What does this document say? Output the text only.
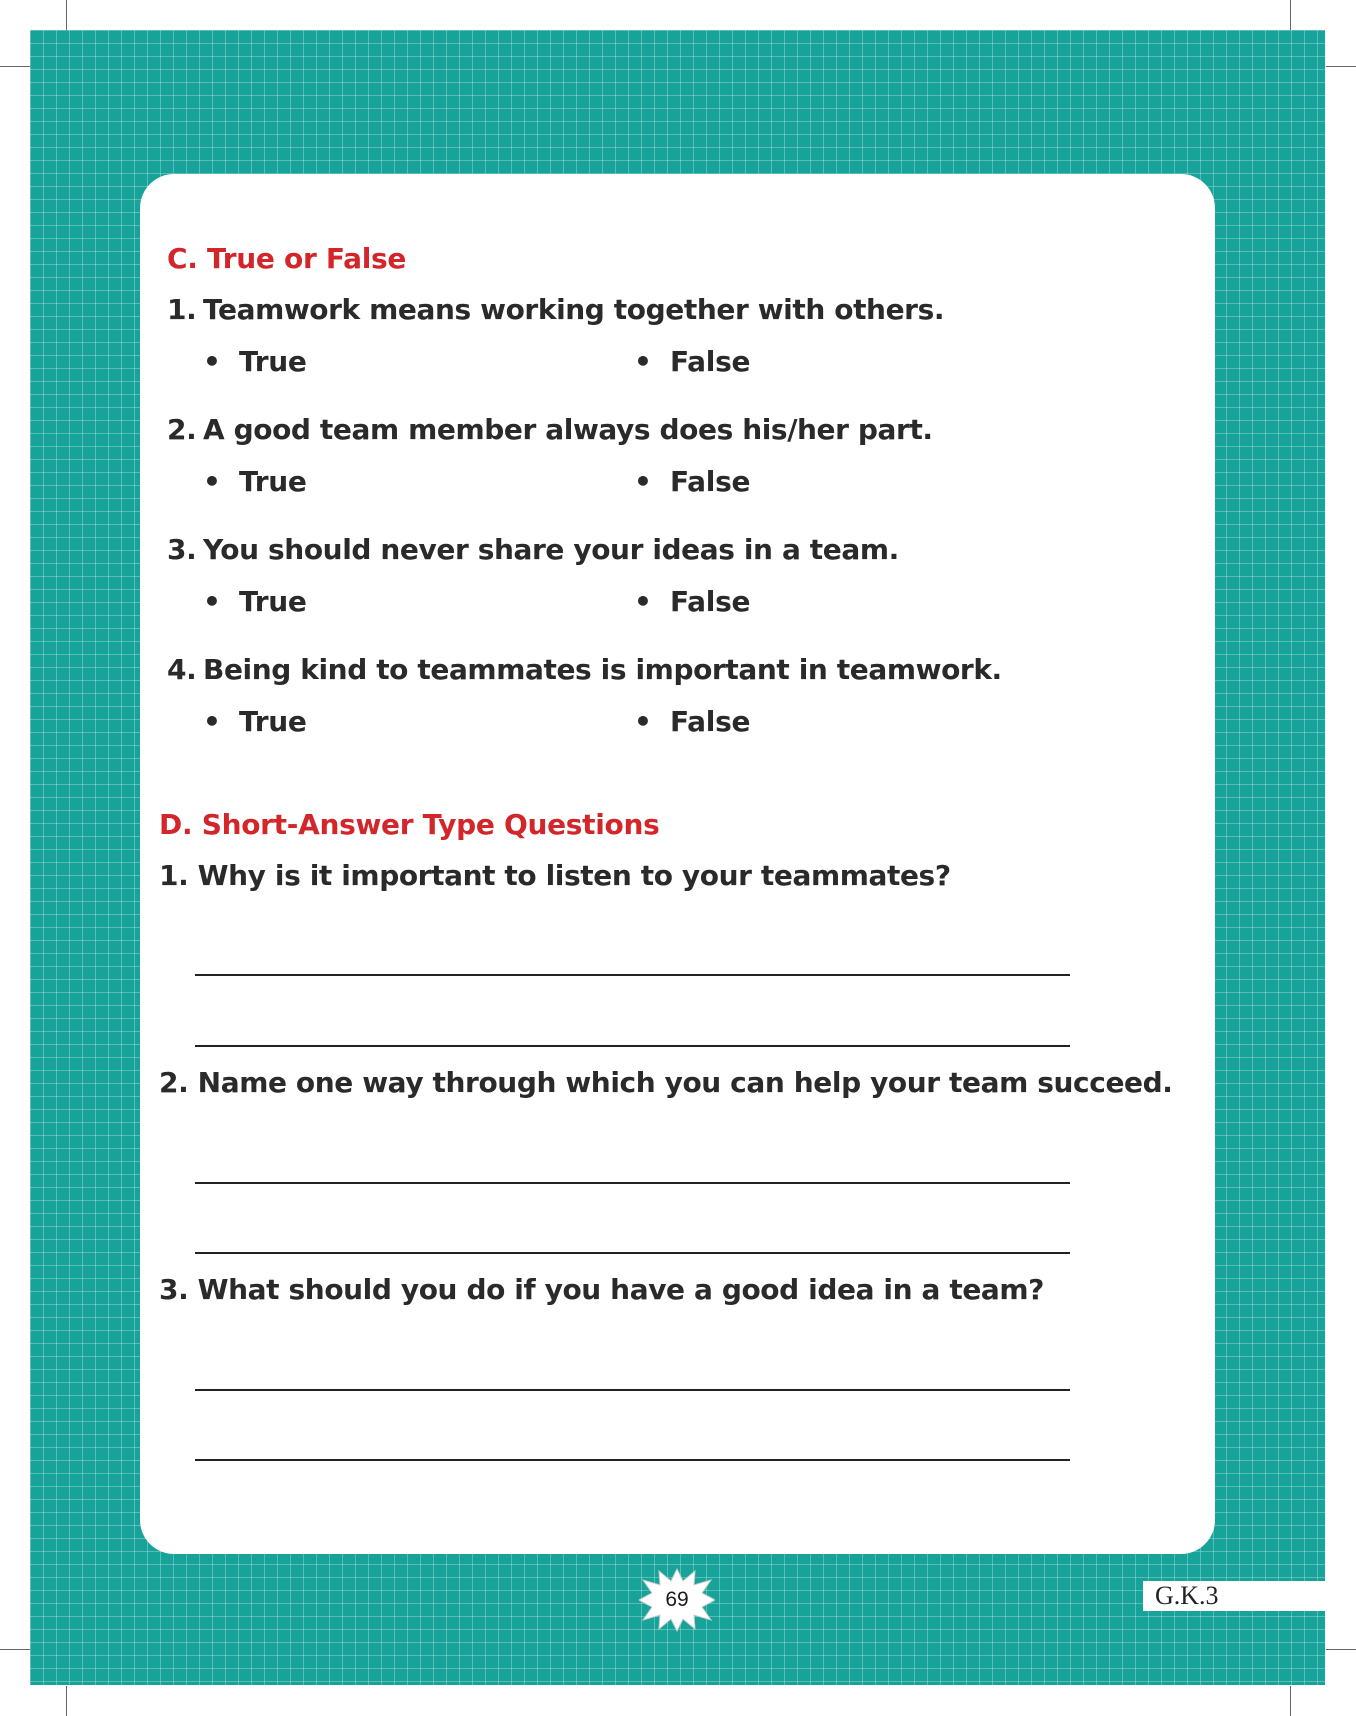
C. True or False

1. Teamwork means working together with others.

• True	• False

2. A good team member always does his/her part.

• True	• False

3. You should never share your ideas in a team.

• True	• False

4. Being kind to teammates is important in teamwork.

• True	• False
D. Short-Answer Type Questions

1. Why is it important to listen to your teammates?

2. Name one way through which you can help your team succeed.

3. What should you do if you have a good idea in a team?

69	G.K.3
